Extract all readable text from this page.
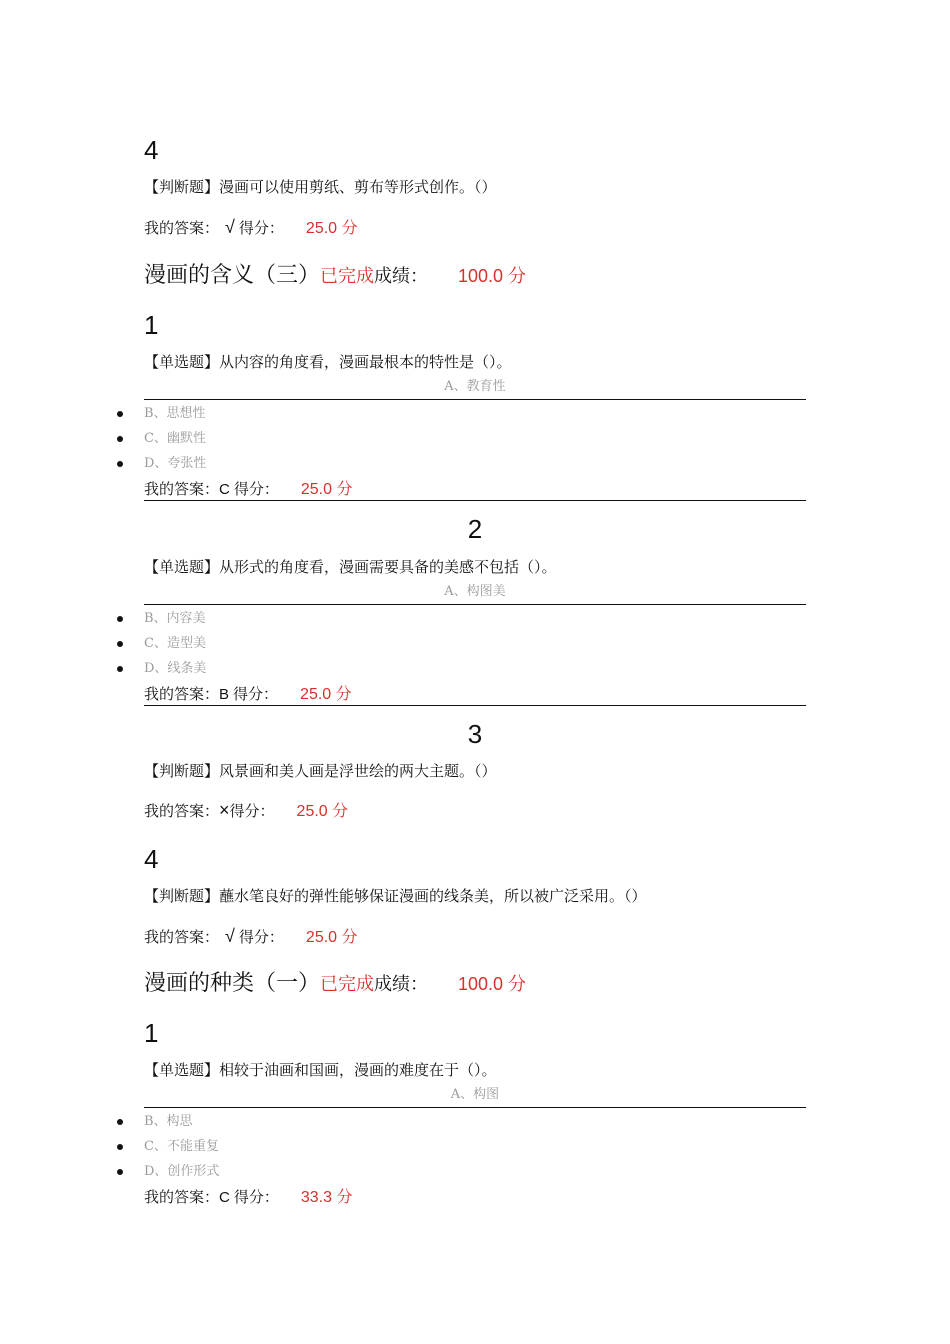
4
【判断题】漫画可以使用剪纸、剪布等形式创作。（）
我的答案： √ 得分： 25.0 分
漫画的含义（三）已完成成绩： 100.0 分
1
【单选题】从内容的角度看，漫画最根本的特性是（）。
A、教育性
B、思想性
C、幽默性
D、夸张性
我的答案：C 得分： 25.0 分
2
【单选题】从形式的角度看，漫画需要具备的美感不包括（）。
A、构图美
B、内容美
C、造型美
D、线条美
我的答案：B 得分： 25.0 分
3
【判断题】风景画和美人画是浮世绘的两大主题。（）
我的答案：×得分： 25.0 分
4
【判断题】蘸水笔良好的弹性能够保证漫画的线条美，所以被广泛采用。（）
我的答案： √ 得分： 25.0 分
漫画的种类（一）已完成成绩： 100.0 分
1
【单选题】相较于油画和国画，漫画的难度在于（）。
A、构图
B、构思
C、不能重复
D、创作形式
我的答案：C 得分： 33.3 分
